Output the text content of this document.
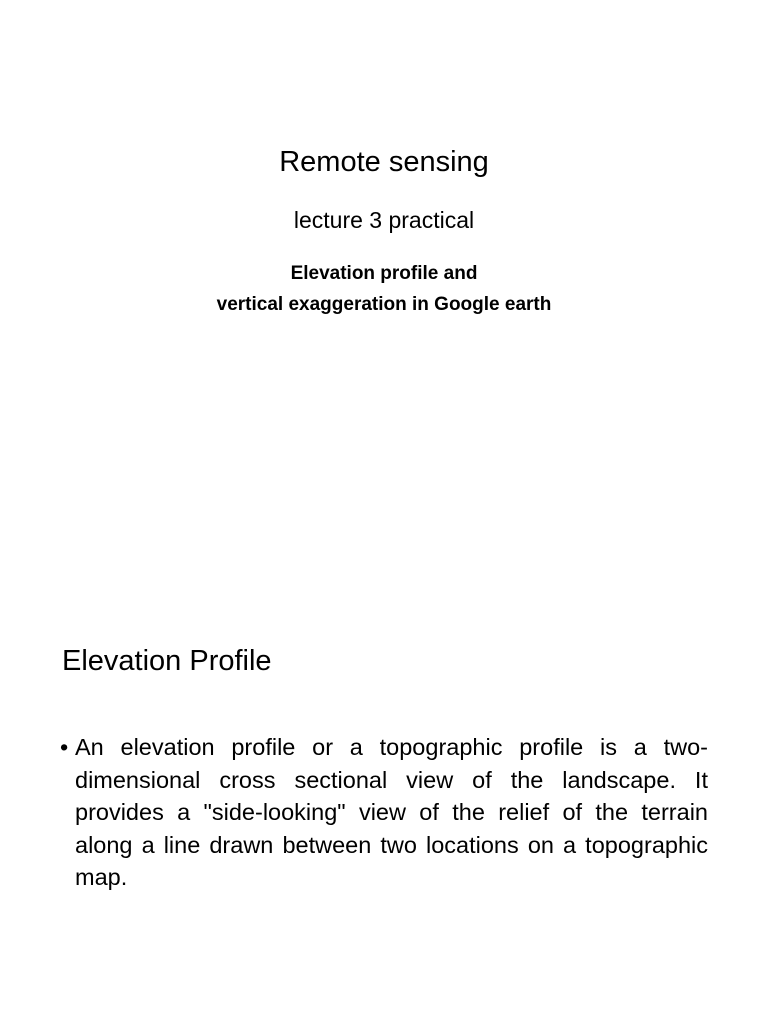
Remote sensing
lecture 3 practical
Elevation profile and
vertical exaggeration in Google earth
Elevation Profile
• An elevation profile or a topographic profile is a two-dimensional cross sectional view of the landscape. It provides a "side-looking" view of the relief of the terrain along a line drawn between two locations on a topographic map.
